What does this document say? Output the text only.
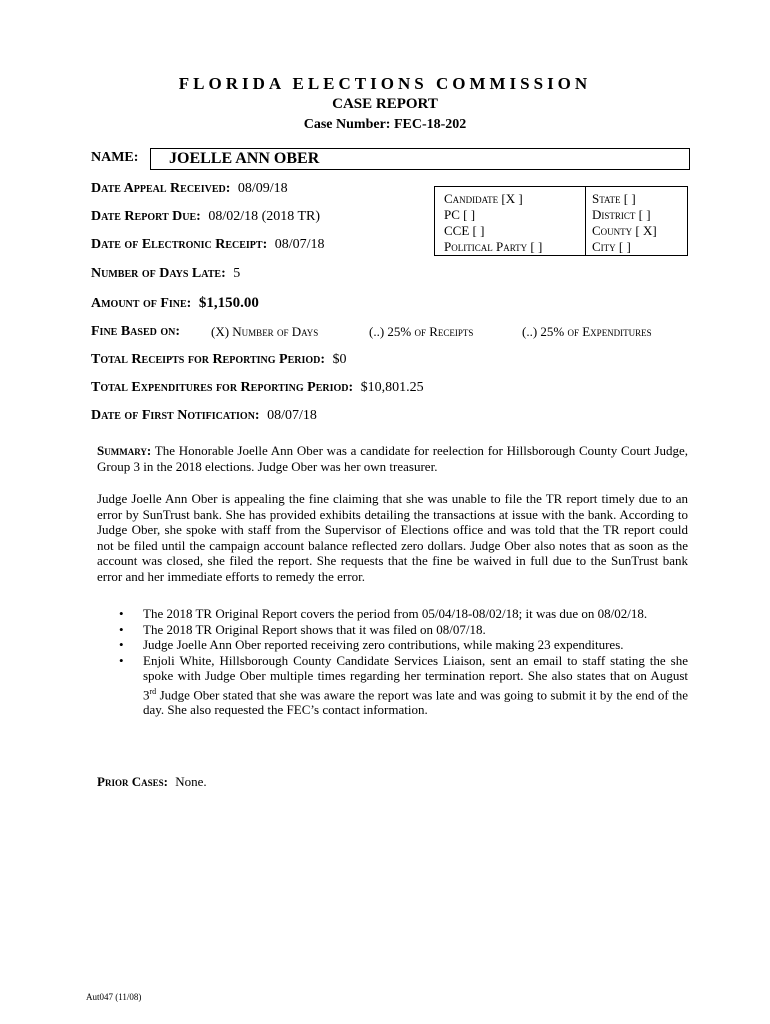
FLORIDA ELECTIONS COMMISSION
CASE REPORT
Case Number: FEC-18-202
NAME: JOELLE ANN OBER
Date Appeal Received: 08/09/18
Date Report Due: 08/02/18 (2018 TR)
Date of Electronic Receipt: 08/07/18
Candidate [X ]
PC [ ]
CCE [ ]
Political Party [ ]
State [ ]
District [ ]
County [ X]
City [ ]
Number of Days Late: 5
Amount of Fine: $1,150.00
Fine Based on: (X) Number of Days	(..) 25% of Receipts	(..) 25% of Expenditures
Total Receipts for Reporting Period: $0
Total Expenditures for Reporting Period: $10,801.25
Date of First Notification: 08/07/18
Summary: The Honorable Joelle Ann Ober was a candidate for reelection for Hillsborough County Court Judge, Group 3 in the 2018 elections. Judge Ober was her own treasurer.
Judge Joelle Ann Ober is appealing the fine claiming that she was unable to file the TR report timely due to an error by SunTrust bank. She has provided exhibits detailing the transactions at issue with the bank. According to Judge Ober, she spoke with staff from the Supervisor of Elections office and was told that the TR report could not be filed until the campaign account balance reflected zero dollars. Judge Ober also notes that as soon as the account was closed, she filed the report. She requests that the fine be waived in full due to the SunTrust bank error and her immediate efforts to remedy the error.
• The 2018 TR Original Report covers the period from 05/04/18-08/02/18; it was due on 08/02/18.
• The 2018 TR Original Report shows that it was filed on 08/07/18.
• Judge Joelle Ann Ober reported receiving zero contributions, while making 23 expenditures.
• Enjoli White, Hillsborough County Candidate Services Liaison, sent an email to staff stating the she spoke with Judge Ober multiple times regarding her termination report. She also states that on August 3rd Judge Ober stated that she was aware the report was late and was going to submit it by the end of the day. She also requested the FEC’s contact information.
Prior Cases: None.
Aut047 (11/08)
